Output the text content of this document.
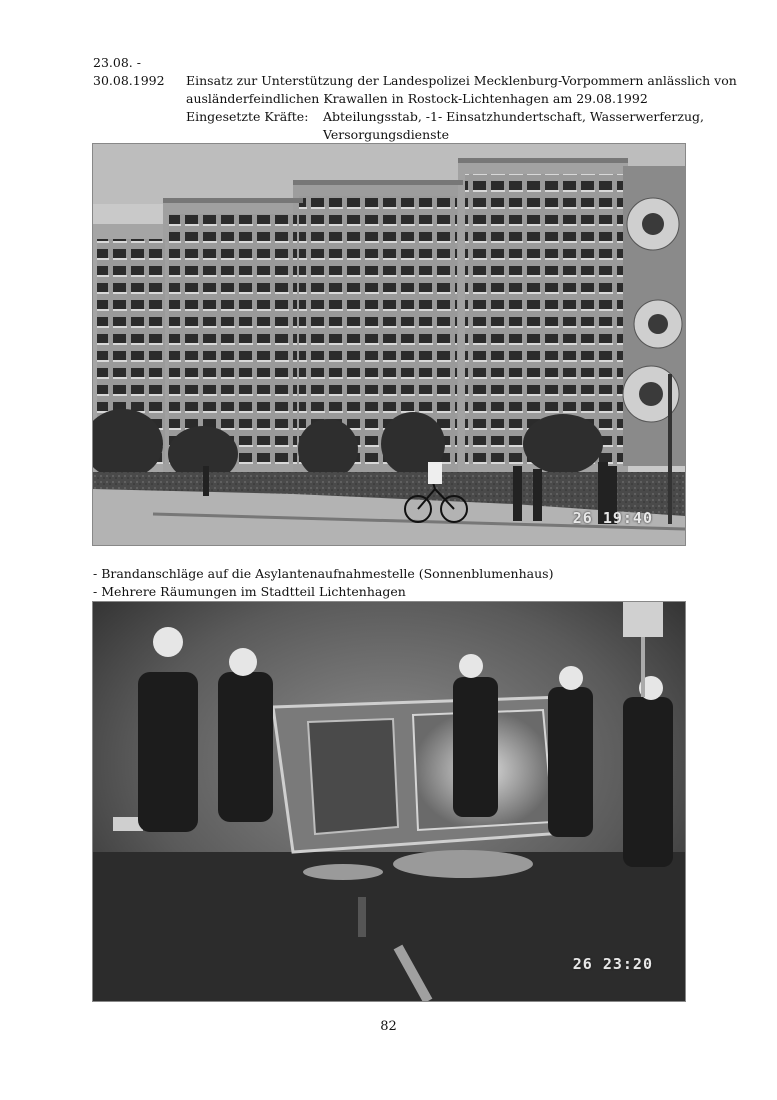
23.08. -
30.08.1992 Einsatz zur Unterstützung der Landespolizei Mecklenburg-Vorpommern anlässlich von
ausländerfeindlichen Krawallen in Rostock-Lichtenhagen am 29.08.1992
Eingesetzte Kräfte: Abteilungsstab, -1- Einsatzhundertschaft, Wasserwerferzug,
Versorgungsdienste
26 19:40
- Brandanschläge auf die Asylantenaufnahmestelle (Sonnenblumenhaus)
- Mehrere Räumungen im Stadtteil Lichtenhagen
26 23:20
82
